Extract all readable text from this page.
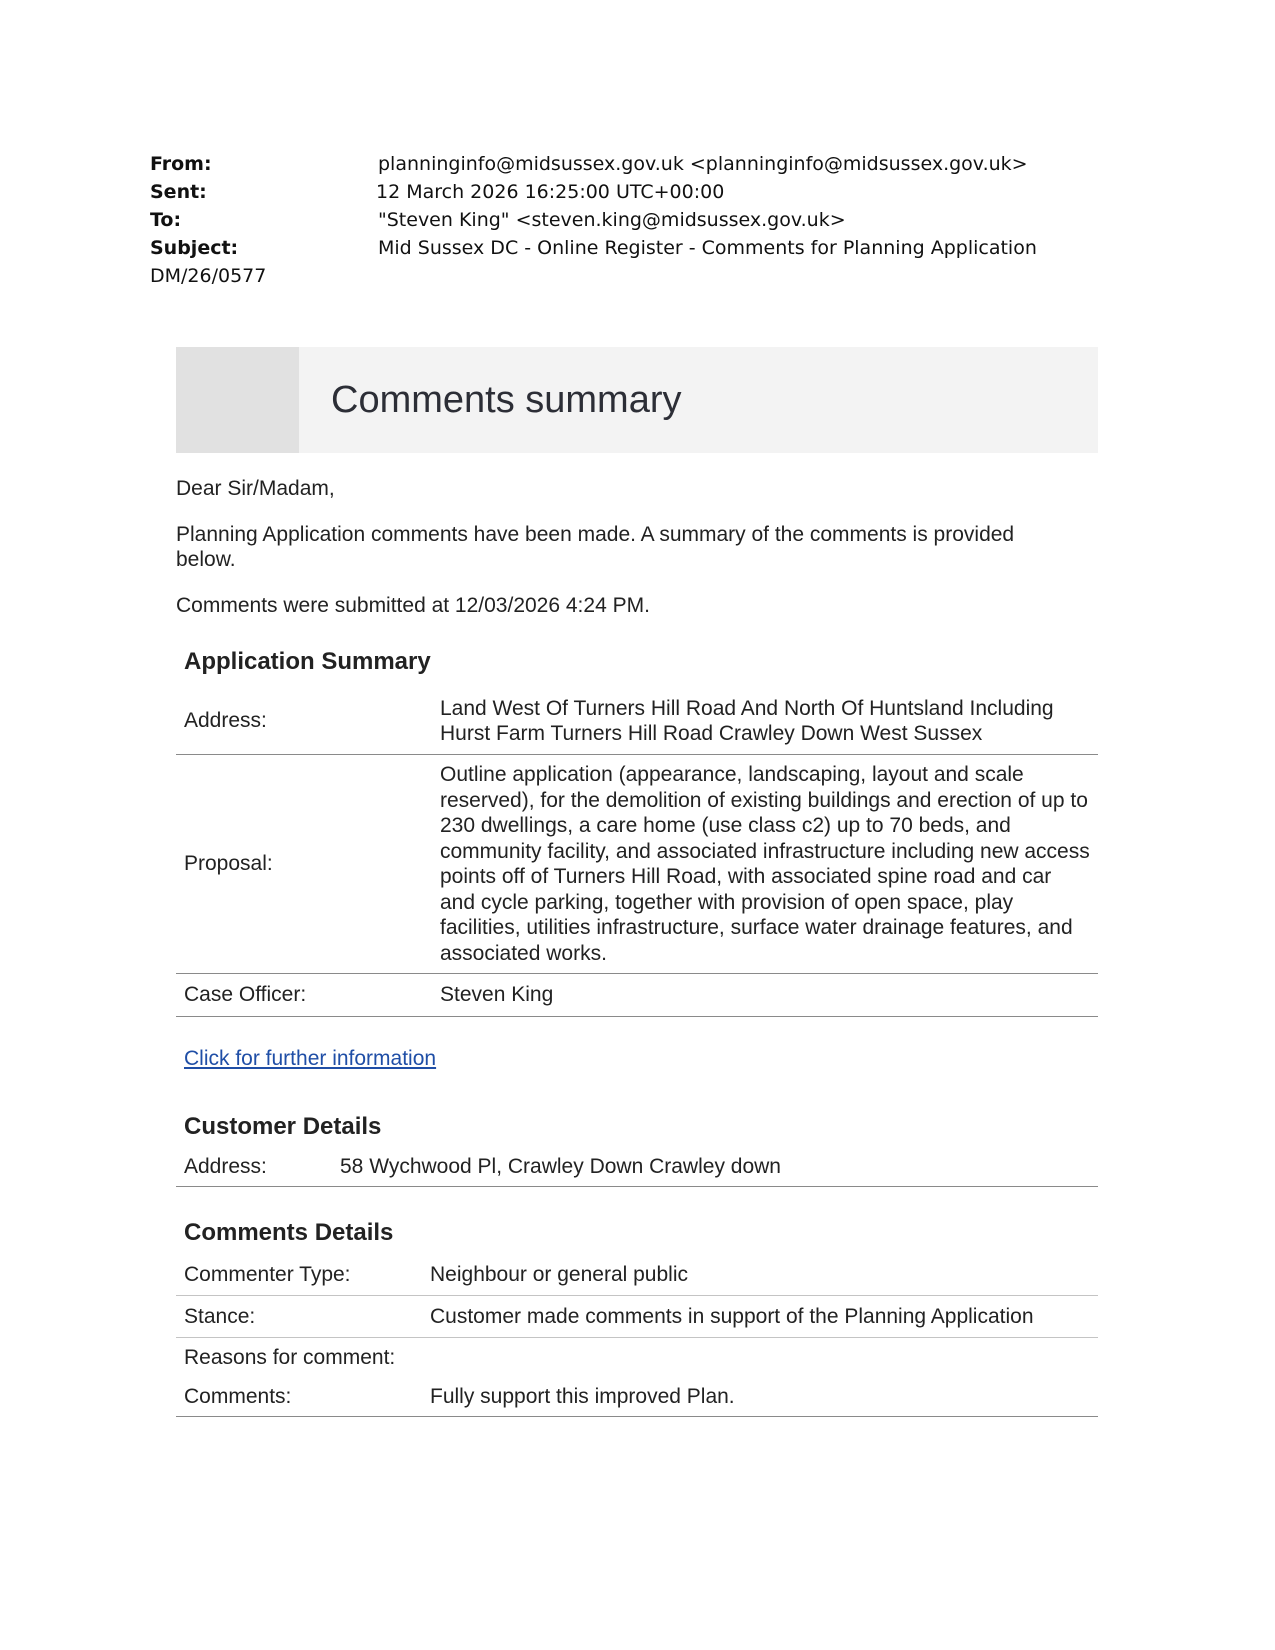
From:	planninginfo@midsussex.gov.uk <planninginfo@midsussex.gov.uk>
Sent:	12 March 2026 16:25:00 UTC+00:00
To:	"Steven King" <steven.king@midsussex.gov.uk>
Subject:	Mid Sussex DC - Online Register - Comments for Planning Application
DM/26/0577
Comments summary

Dear Sir/Madam,

Planning Application comments have been made. A summary of the comments is provided below.

Comments were submitted at 12/03/2026 4:24 PM.

Application Summary
Address:	Land West Of Turners Hill Road And North Of Huntsland Including Hurst Farm Turners Hill Road Crawley Down West Sussex
Proposal:	Outline application (appearance, landscaping, layout and scale reserved), for the demolition of existing buildings and erection of up to 230 dwellings, a care home (use class c2) up to 70 beds, and community facility, and associated infrastructure including new access points off of Turners Hill Road, with associated spine road and car and cycle parking, together with provision of open space, play facilities, utilities infrastructure, surface water drainage features, and associated works.
Case Officer:	Steven King
Click for further information
Customer Details
Address:	58 Wychwood Pl, Crawley Down Crawley down
Comments Details
Commenter Type:	Neighbour or general public
Stance:	Customer made comments in support of the Planning Application
Reasons for comment:	
Comments:	Fully support this improved Plan.
